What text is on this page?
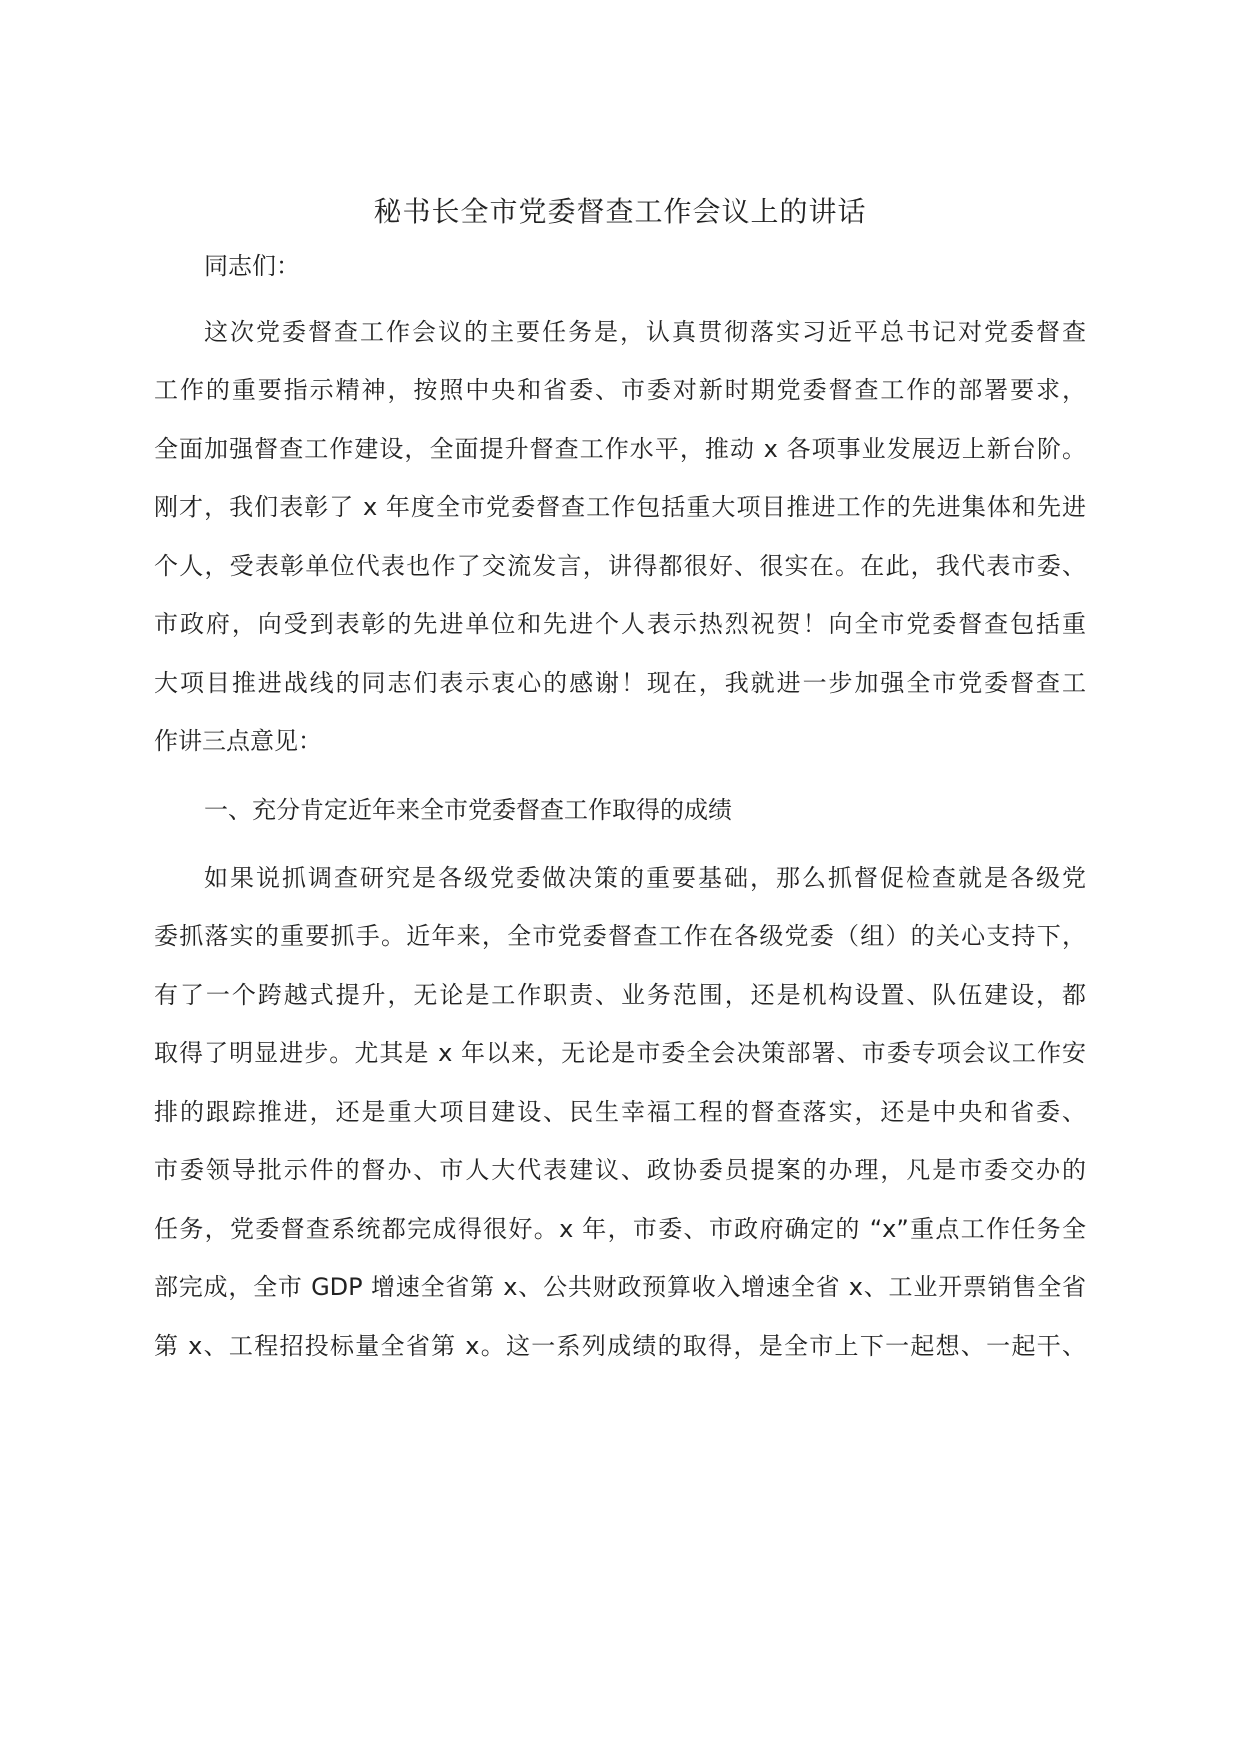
秘书长全市党委督查工作会议上的讲话

同志们：

这次党委督查工作会议的主要任务是，认真贯彻落实习近平总书记对党委督查

工作的重要指示精神，按照中央和省委、市委对新时期党委督查工作的部署要求，

全面加强督查工作建设，全面提升督查工作水平，推动 x 各项事业发展迈上新台阶。

刚才，我们表彰了 x 年度全市党委督查工作包括重大项目推进工作的先进集体和先进

个人，受表彰单位代表也作了交流发言，讲得都很好、很实在。在此，我代表市委、

市政府，向受到表彰的先进单位和先进个人表示热烈祝贺！向全市党委督查包括重

大项目推进战线的同志们表示衷心的感谢！现在，我就进一步加强全市党委督查工

作讲三点意见：

一、充分肯定近年来全市党委督查工作取得的成绩

如果说抓调查研究是各级党委做决策的重要基础，那么抓督促检查就是各级党

委抓落实的重要抓手。近年来，全市党委督查工作在各级党委（组）的关心支持下，

有了一个跨越式提升，无论是工作职责、业务范围，还是机构设置、队伍建设，都

取得了明显进步。尤其是 x 年以来，无论是市委全会决策部署、市委专项会议工作安

排的跟踪推进，还是重大项目建设、民生幸福工程的督查落实，还是中央和省委、

市委领导批示件的督办、市人大代表建议、政协委员提案的办理，凡是市委交办的

任务，党委督查系统都完成得很好。x 年，市委、市政府确定的 “x”重点工作任务全

部完成，全市 GDP 增速全省第 x、公共财政预算收入增速全省 x、工业开票销售全省

第 x、工程招投标量全省第 x。这一系列成绩的取得，是全市上下一起想、一起干、
